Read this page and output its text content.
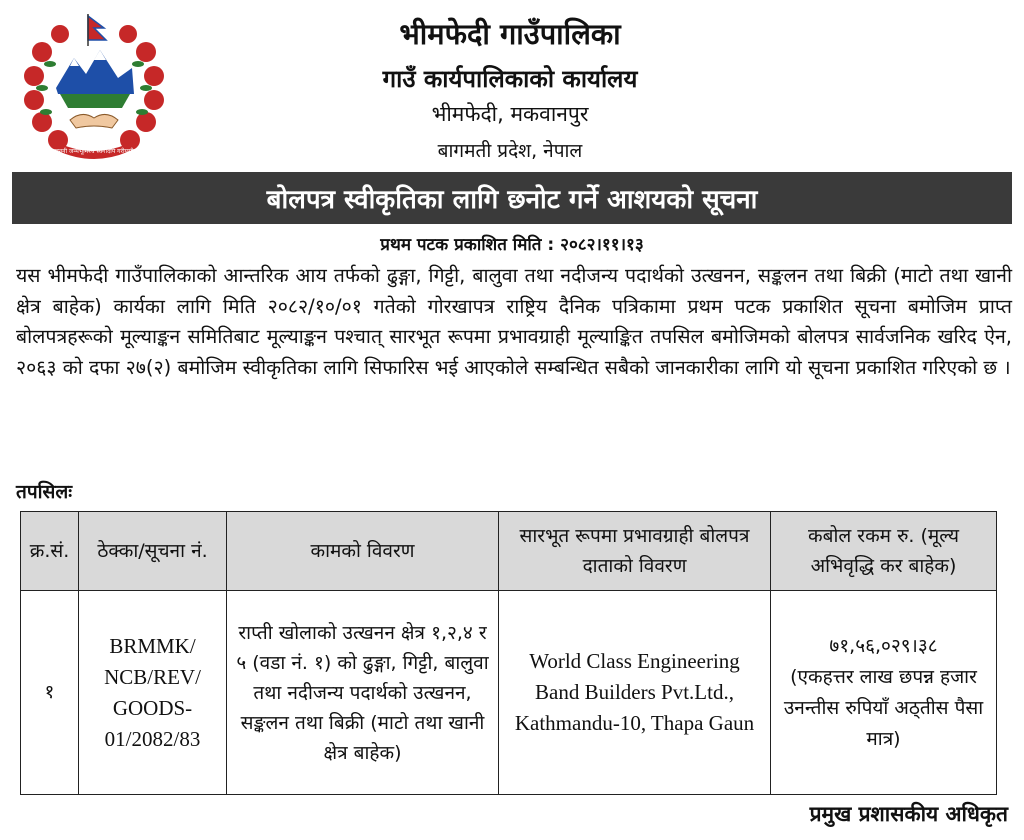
जननी जन्मभूमिश्च स्वर्गादपि गरीयसी
भीमफेदी गाउँपालिका
गाउँ कार्यपालिकाको कार्यालय
भीमफेदी, मकवानपुर
बागमती प्रदेश, नेपाल
बोलपत्र स्वीकृतिका लागि छनोट गर्ने आशयको सूचना
प्रथम पटक प्रकाशित मिति : २०८२।११।१३

यस भीमफेदी गाउँपालिकाको आन्तरिक आय तर्फको ढुङ्गा, गिट्टी, बालुवा तथा नदीजन्य पदार्थको उत्खनन, सङ्कलन तथा बिक्री (माटो तथा खानी क्षेत्र बाहेक) कार्यका लागि मिति २०८२/१०/०१ गतेको गोरखापत्र राष्ट्रिय दैनिक पत्रिकामा प्रथम पटक प्रकाशित सूचना बमोजिम प्राप्त बोलपत्रहरूको मूल्याङ्कन समितिबाट मूल्याङ्कन पश्चात् सारभूत रूपमा प्रभावग्राही मूल्याङ्कित तपसिल बमोजिमको बोलपत्र सार्वजनिक खरिद ऐन, २०६३ को दफा २७(२) बमोजिम स्वीकृतिका लागि सिफारिस भई आएकोले सम्बन्धित सबैको जानकारीका लागि यो सूचना प्रकाशित गरिएको छ ।

तपसिलः
क्र.सं.	ठेक्का/सूचना नं.	कामको विवरण	सारभूत रूपमा प्रभावग्राही बोलपत्र दाताको विवरण	कबोल रकम रु. (मूल्य अभिवृद्धि कर बाहेक)
१	BRMMK/ NCB/REV/ GOODS- 01/2082/83	राप्ती खोलाको उत्खनन क्षेत्र १,२,४ र ५ (वडा नं. १) को ढुङ्गा, गिट्टी, बालुवा तथा नदीजन्य पदार्थको उत्खनन, सङ्कलन तथा बिक्री (माटो तथा खानी क्षेत्र बाहेक)	World Class Engineering Band Builders Pvt.Ltd., Kathmandu-10, Thapa Gaun	७१,५६,०२९।३८
(एकहत्तर लाख छपन्न हजार उनन्तीस रुपियाँ अठ्तीस पैसा मात्र)
प्रमुख प्रशासकीय अधिकृत
